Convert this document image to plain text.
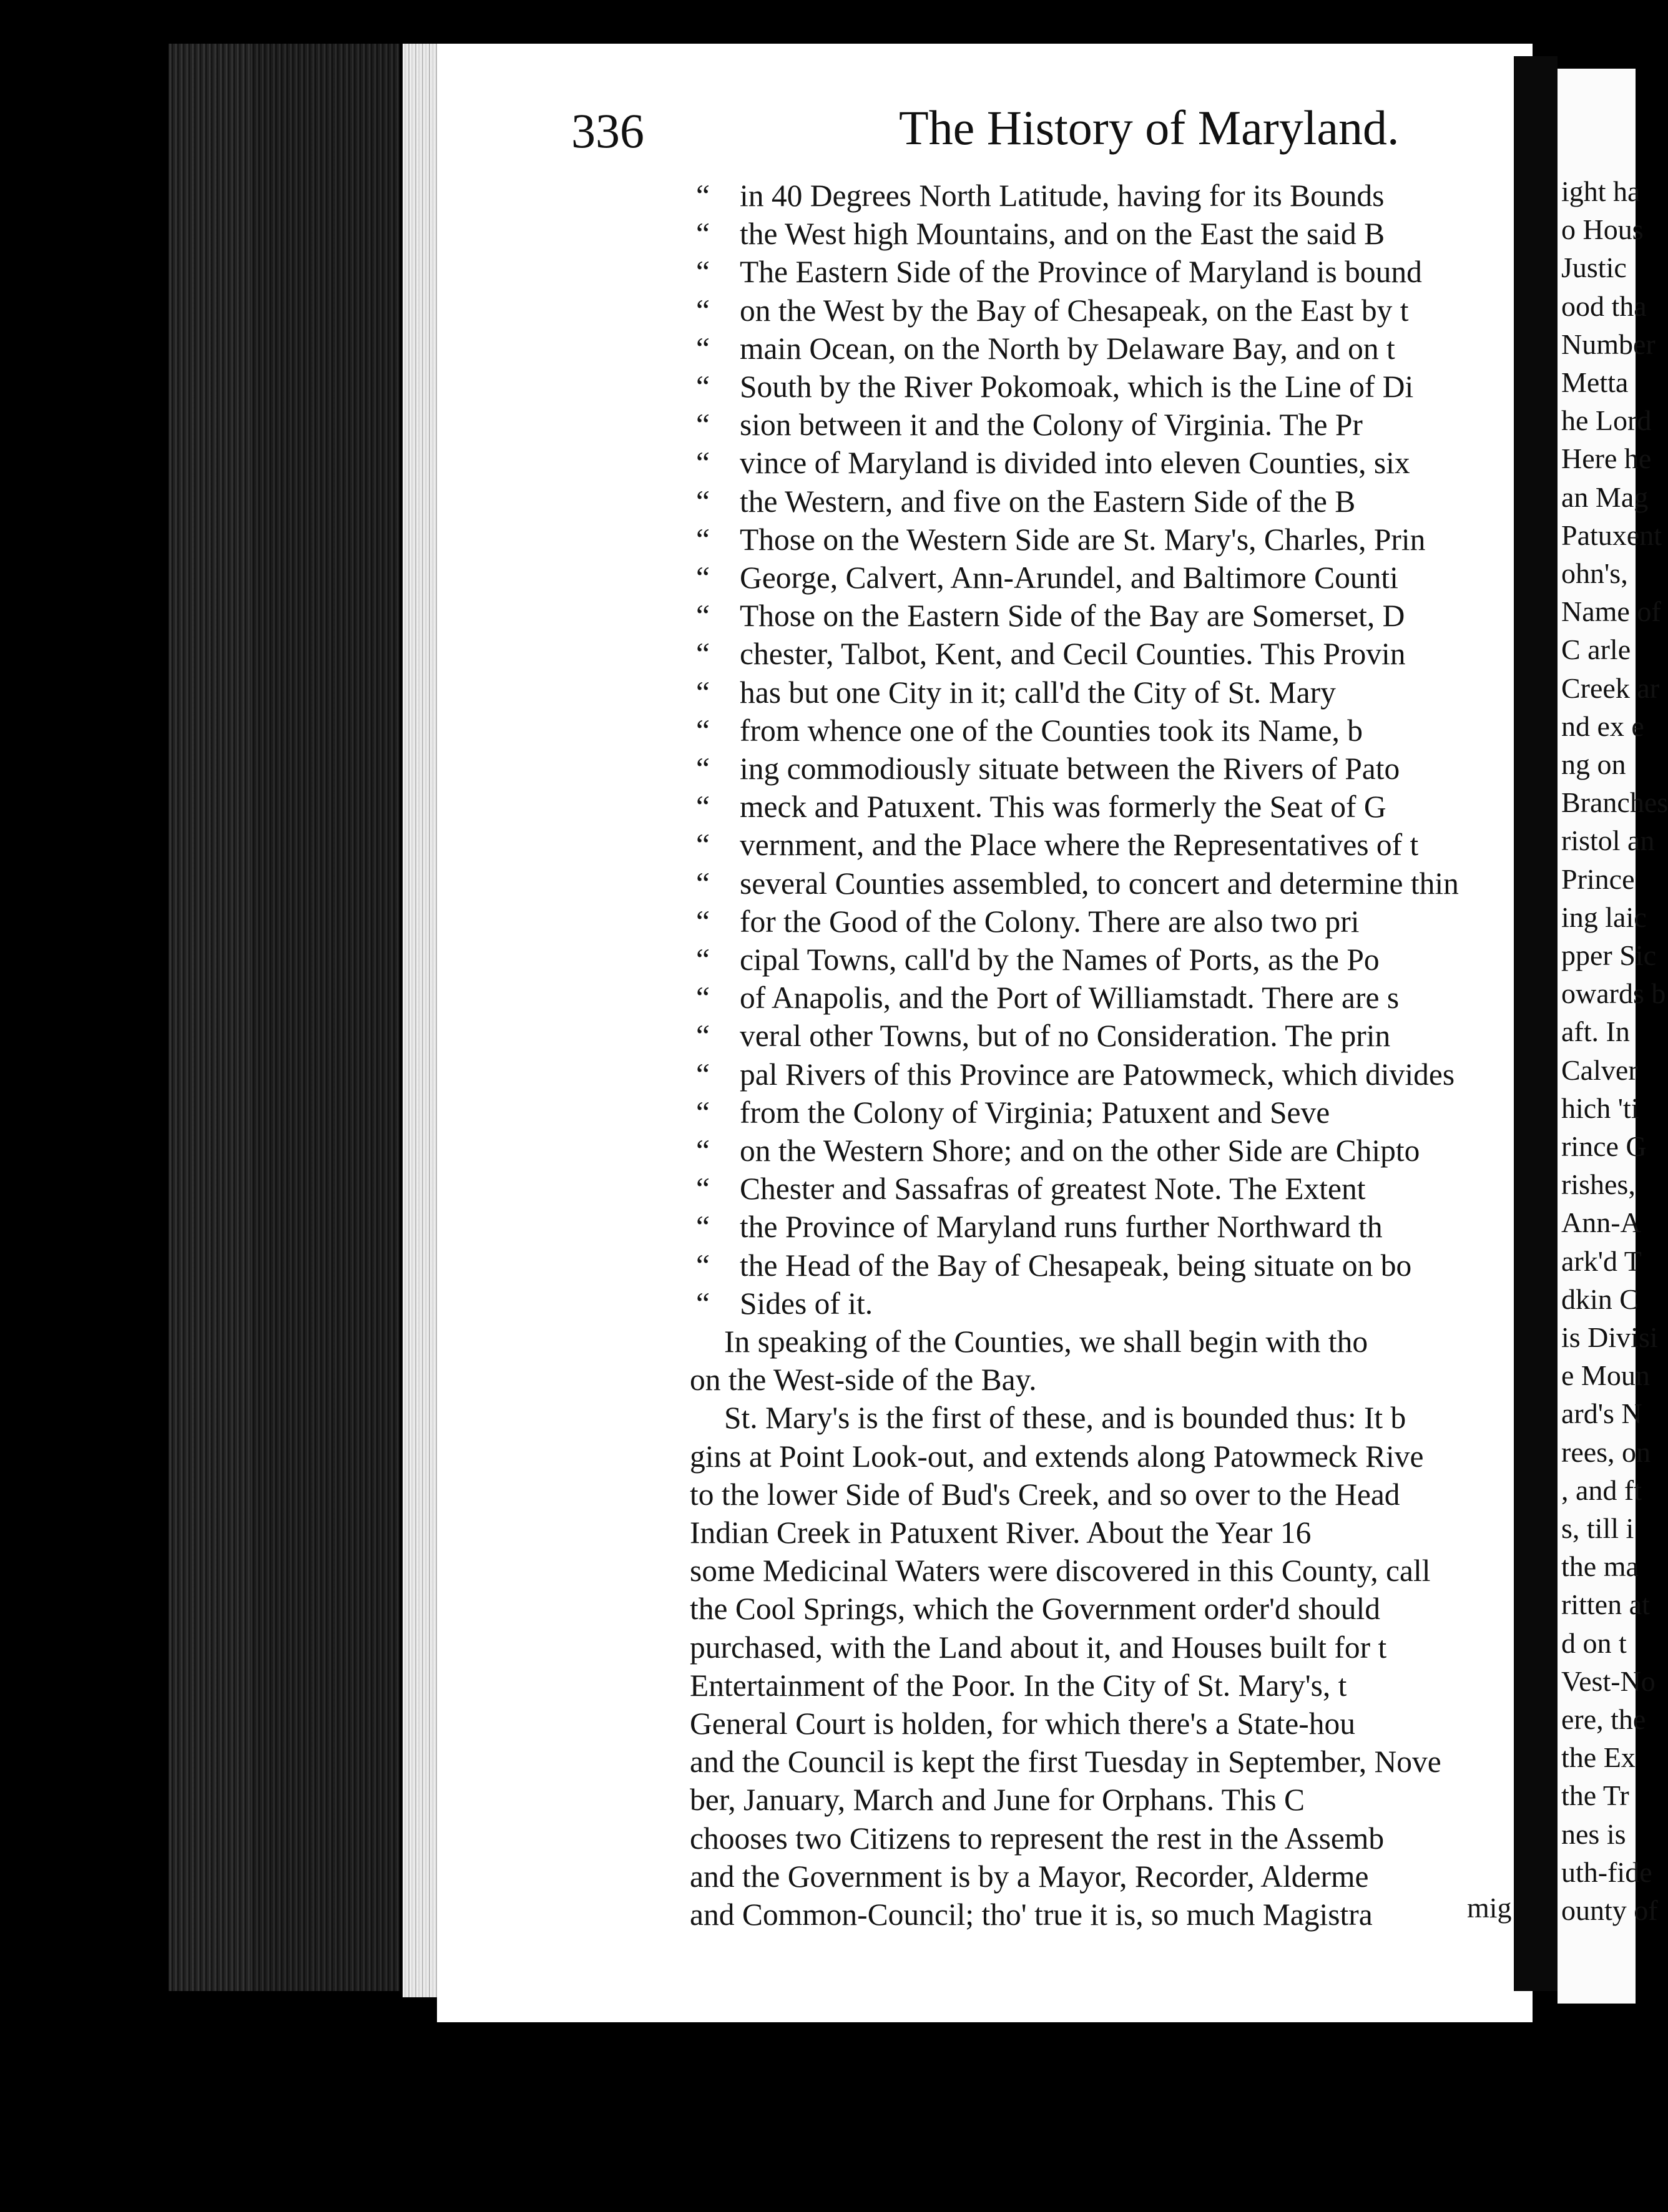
ight ha
o Hous
Justic
ood tha
Number
Metta
he Lord
Here he
an Mag
Patuxent
ohn's,
Name of
C arle
Creek ar
nd ex e
ng on
Branches
ristol an
Prince
ing laic
pper Sic
owards b
aft. In
Calver
hich 'ti
rince G
rishes,
Ann-A
ark'd T
dkin C
is Divisi
e Moun
ard's N
rees, on
, and ft
s, till i
the ma
ritten at
d on t
Vest-No
ere, the
the Ex
the Tr
nes is
uth-fide
ounty of
336	The History of Maryland.
“ in 40 Degrees North Latitude, having for its Bounds
“ the West high Mountains, and on the East the said B
“ The Eastern Side of the Province of Maryland is bound
“ on the West by the Bay of Chesapeak, on the East by t
“ main Ocean, on the North by Delaware Bay, and on t
“ South by the River Pokomoak, which is the Line of Di
“ sion between it and the Colony of Virginia. The Pr
“ vince of Maryland is divided into eleven Counties, six
“ the Western, and five on the Eastern Side of the B
“ Those on the Western Side are St. Mary's, Charles, Prin
“ George, Calvert, Ann-Arundel, and Baltimore Counti
“ Those on the Eastern Side of the Bay are Somerset, D
“ chester, Talbot, Kent, and Cecil Counties. This Provin
“ has but one City in it; call'd the City of St. Mary
“ from whence one of the Counties took its Name, b
“ ing commodiously situate between the Rivers of Pato
“ meck and Patuxent. This was formerly the Seat of G
“ vernment, and the Place where the Representatives of t
“ several Counties assembled, to concert and determine thin
“ for the Good of the Colony. There are also two pri
“ cipal Towns, call'd by the Names of Ports, as the Po
“ of Anapolis, and the Port of Williamstadt. There are s
“ veral other Towns, but of no Consideration. The prin
“ pal Rivers of this Province are Patowmeck, which divides
“ from the Colony of Virginia; Patuxent and Seve
“ on the Western Shore; and on the other Side are Chipto
“ Chester and Sassafras of greatest Note. The Extent
“ the Province of Maryland runs further Northward th
“ the Head of the Bay of Chesapeak, being situate on bo
“ Sides of it.
In speaking of the Counties, we shall begin with tho
on the West-side of the Bay.
St. Mary's is the first of these, and is bounded thus: It b
gins at Point Look-out, and extends along Patowmeck Rive
to the lower Side of Bud's Creek, and so over to the Head
Indian Creek in Patuxent River. About the Year 16
some Medicinal Waters were discovered in this County, call
the Cool Springs, which the Government order'd should
purchased, with the Land about it, and Houses built for t
Entertainment of the Poor. In the City of St. Mary's, t
General Court is holden, for which there's a State-hou
and the Council is kept the first Tuesday in September, Nove
ber, January, March and June for Orphans. This C
chooses two Citizens to represent the rest in the Assemb
and the Government is by a Mayor, Recorder, Alderme
and Common-Council; tho' true it is, so much Magistra	mig
